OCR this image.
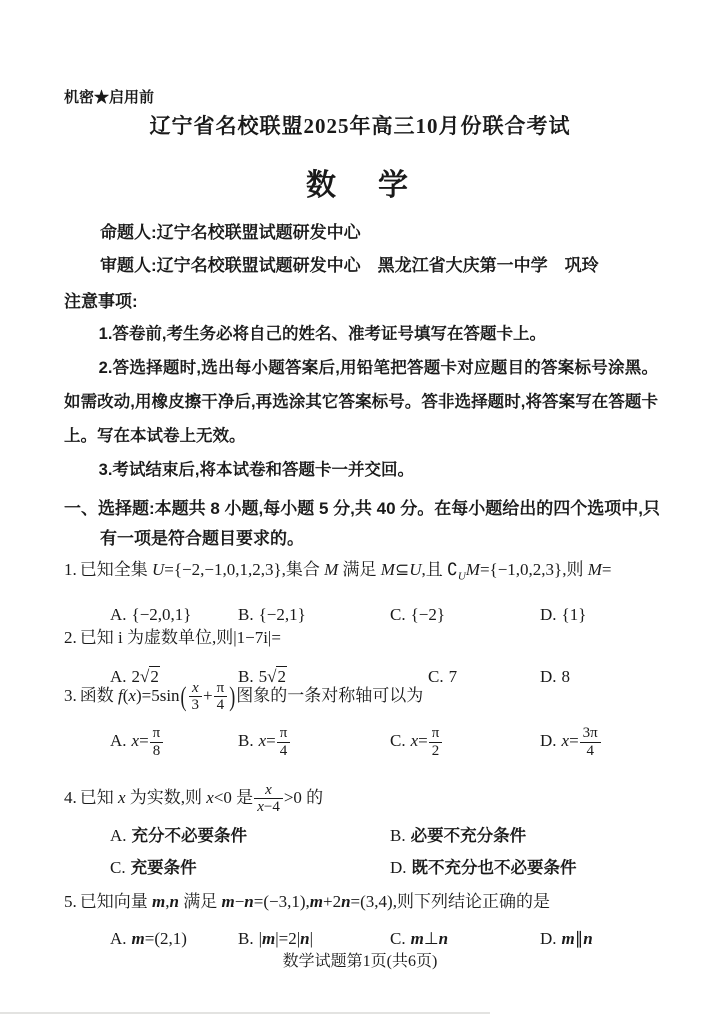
机密★启用前
辽宁省名校联盟2025年高三10月份联合考试
数　学
命题人:辽宁名校联盟试题研发中心
审题人:辽宁名校联盟试题研发中心　黑龙江省大庆第一中学　巩玲
注意事项:

1.答卷前,考生务必将自己的姓名、准考证号填写在答题卡上。

2.答选择题时,选出每小题答案后,用铅笔把答题卡对应题目的答案标号涂黑。如需改动,用橡皮擦干净后,再选涂其它答案标号。答非选择题时,将答案写在答题卡上。写在本试卷上无效。

3.考试结束后,将本试卷和答题卡一并交回。

一、选择题:本题共 8 小题,每小题 5 分,共 40 分。在每小题给出的四个选项中,只有一项是符合题目要求的。
1. 已知全集 U={−2,−1,0,1,2,3},集合 M 满足 M⊆U,且 $∁_UM=\{-1,0,2,3\}$,则 M=
A. {−2,0,1}	B. {−2,1}	C. {−2}	D. {1}
2. 已知 i 为虚数单位,则|1−7i|=
A. 2√2	B. 5√2	C. 7	D. 8
3. 函数 $f(x)=5\sin( \frac{x}{3} + \frac{\pi}{4}$ )图象的一条对称轴可以为
A. $x= \frac{\pi}{8}$	B. $x= \frac{\pi}{4}$	C. $x= \frac{\pi}{2}$	D. $x= \frac{3\pi}{4}$
4. 已知 x 为实数,则 x<0 是 $\frac{x}{x-4} >0$ 的
A. 充分不必要条件	B. 必要不充分条件
C. 充要条件	D. 既不充分也不必要条件
5. 已知向量 m,n 满足 m−n=(−3,1),m+2n=(3,4),则下列结论正确的是
A. m=(2,1)	B. |m|=2|n|	C. m⊥n	D. m∥n
数学试题第1页(共6页)
